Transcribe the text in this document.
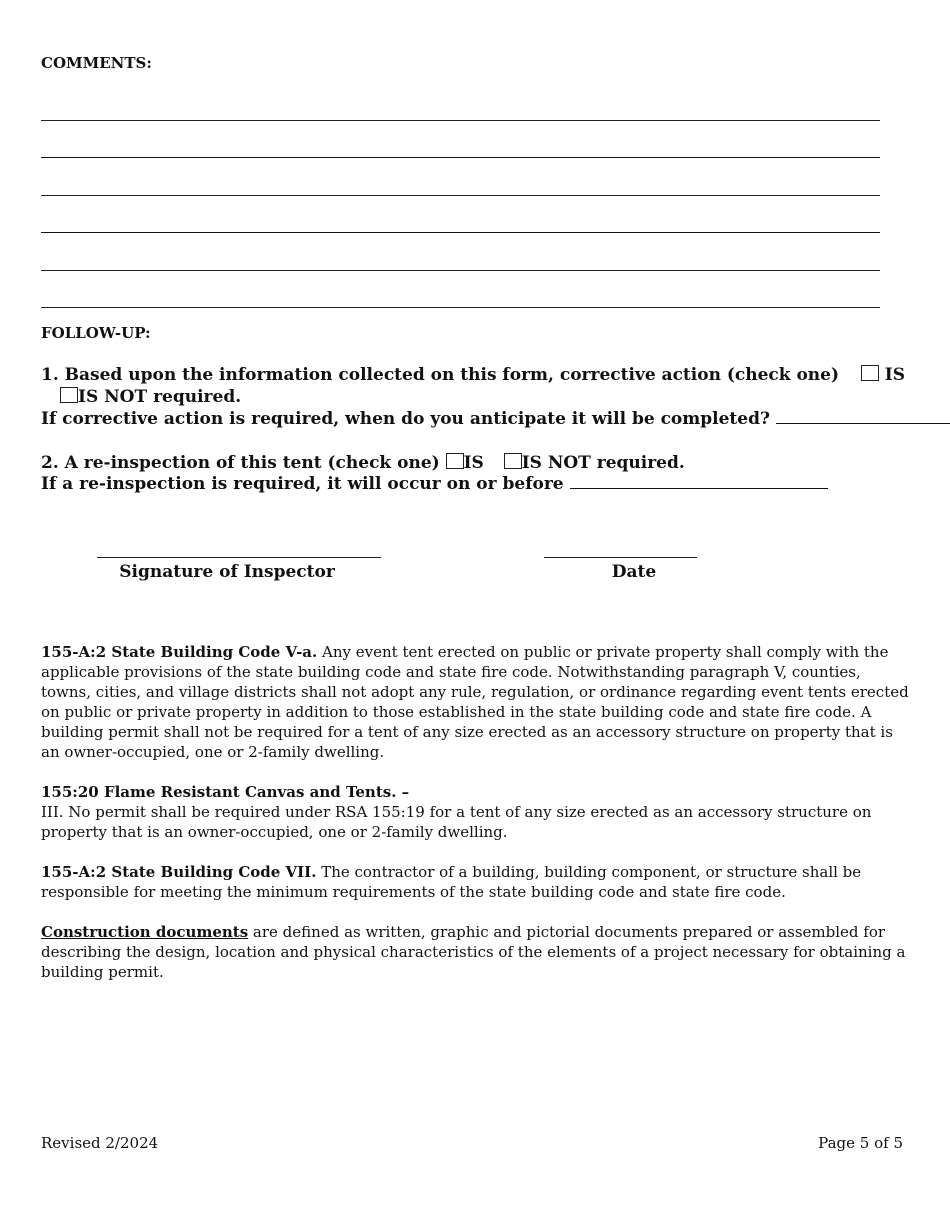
COMMENTS:
FOLLOW-UP:
1. Based upon the information collected on this form, corrective action (check one)	IS
IS NOT required.
If corrective action is required, when do you anticipate it will be completed?
2. A re-inspection of this tent (check one) IS IS NOT required.
If a re-inspection is required, it will occur on or before
Signature of Inspector	Date
155-A:2 State Building Code V-a. Any event tent erected on public or private property shall comply with the applicable provisions of the state building code and state fire code. Notwithstanding paragraph V, counties, towns, cities, and village districts shall not adopt any rule, regulation, or ordinance regarding event tents erected on public or private property in addition to those established in the state building code and state fire code. A building permit shall not be required for a tent of any size erected as an accessory structure on property that is an owner-occupied, one or 2-family dwelling.
155:20 Flame Resistant Canvas and Tents. –
III. No permit shall be required under RSA 155:19 for a tent of any size erected as an accessory structure on property that is an owner-occupied, one or 2-family dwelling.
155-A:2 State Building Code VII. The contractor of a building, building component, or structure shall be responsible for meeting the minimum requirements of the state building code and state fire code.
Construction documents are defined as written, graphic and pictorial documents prepared or assembled for describing the design, location and physical characteristics of the elements of a project necessary for obtaining a building permit.
Revised 2/2024	Page 5 of 5
